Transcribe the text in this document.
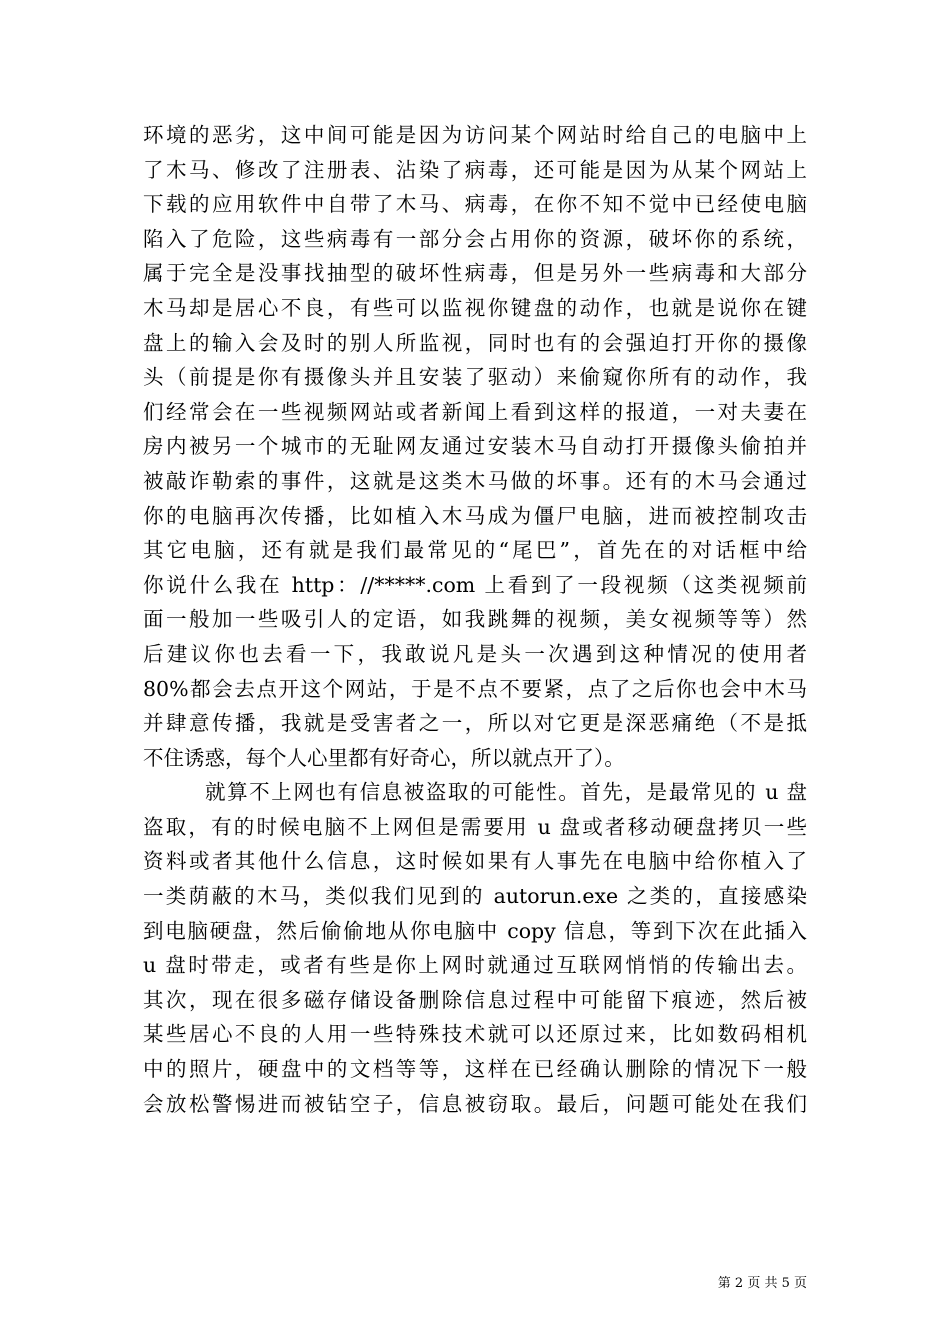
环境的恶劣，这中间可能是因为访问某个网站时给自己的电脑中上
了木马、修改了注册表、沾染了病毒，还可能是因为从某个网站上
下载的应用软件中自带了木马、病毒，在你不知不觉中已经使电脑
陷入了危险，这些病毒有一部分会占用你的资源，破坏你的系统，
属于完全是没事找抽型的破坏性病毒，但是另外一些病毒和大部分
木马却是居心不良，有些可以监视你键盘的动作，也就是说你在键
盘上的输入会及时的别人所监视，同时也有的会强迫打开你的摄像
头（前提是你有摄像头并且安装了驱动）来偷窥你所有的动作，我
们经常会在一些视频网站或者新闻上看到这样的报道，一对夫妻在
房内被另一个城市的无耻网友通过安装木马自动打开摄像头偷拍并
被敲诈勒索的事件，这就是这类木马做的坏事。还有的木马会通过
你的电脑再次传播，比如植入木马成为僵尸电脑，进而被控制攻击
其它电脑，还有就是我们最常见的“尾巴”，首先在的对话框中给
你说什么我在 http：//*****.com 上看到了一段视频（这类视频前
面一般加一些吸引人的定语，如我跳舞的视频，美女视频等等）然
后建议你也去看一下，我敢说凡是头一次遇到这种情况的使用者
80%都会去点开这个网站，于是不点不要紧，点了之后你也会中木马
并肆意传播，我就是受害者之一，所以对它更是深恶痛绝（不是抵
不住诱惑，每个人心里都有好奇心，所以就点开了）。
就算不上网也有信息被盗取的可能性。首先，是最常见的 u 盘
盗取，有的时候电脑不上网但是需要用 u 盘或者移动硬盘拷贝一些
资料或者其他什么信息，这时候如果有人事先在电脑中给你植入了
一类荫蔽的木马，类似我们见到的 autorun.exe 之类的，直接感染
到电脑硬盘，然后偷偷地从你电脑中 copy 信息，等到下次在此插入
u 盘时带走，或者有些是你上网时就通过互联网悄悄的传输出去。
其次，现在很多磁存储设备删除信息过程中可能留下痕迹，然后被
某些居心不良的人用一些特殊技术就可以还原过来，比如数码相机
中的照片，硬盘中的文档等等，这样在已经确认删除的情况下一般
会放松警惕进而被钻空子，信息被窃取。最后，问题可能处在我们
第 2 页 共 5 页
